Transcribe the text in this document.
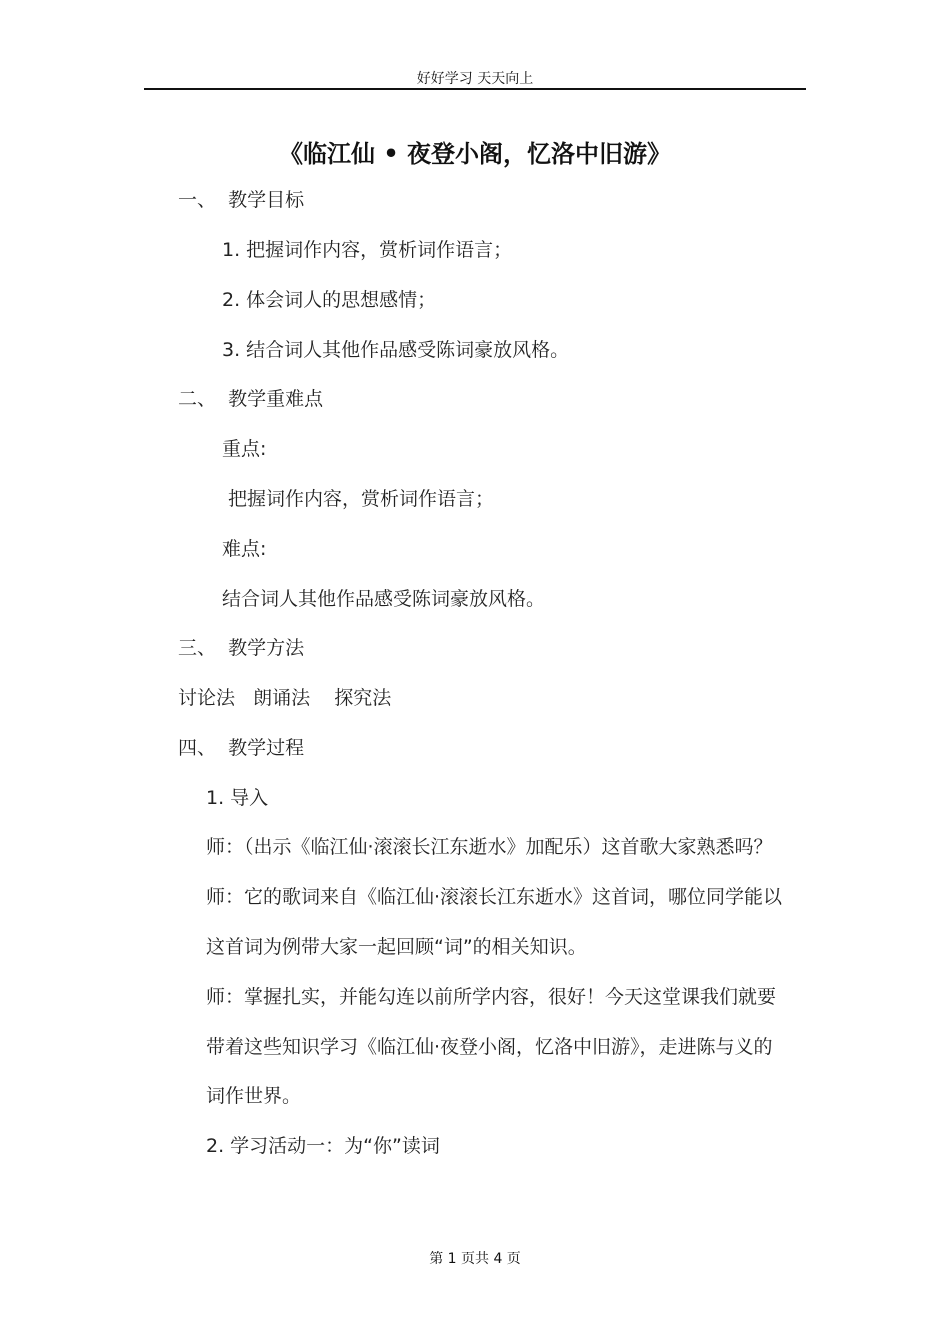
好好学习 天天向上
《临江仙 • 夜登小阁，忆洛中旧游》
一、  教学目标
1. 把握词作内容，赏析词作语言；
2. 体会词人的思想感情；
3. 结合词人其他作品感受陈词豪放风格。
二、  教学重难点
重点:
把握词作内容，赏析词作语言；
难点:
结合词人其他作品感受陈词豪放风格。
三、  教学方法
讨论法   朗诵法    探究法
四、  教学过程
1. 导入
师：（出示《临江仙·滚滚长江东逝水》加配乐）这首歌大家熟悉吗？
师：它的歌词来自《临江仙·滚滚长江东逝水》这首词，哪位同学能以
这首词为例带大家一起回顾“词”的相关知识。
师：掌握扎实，并能勾连以前所学内容，很好！今天这堂课我们就要
带着这些知识学习《临江仙·夜登小阁，忆洛中旧游》，走进陈与义的
词作世界。
2. 学习活动一：为“你”读词
第 1 页共 4 页
